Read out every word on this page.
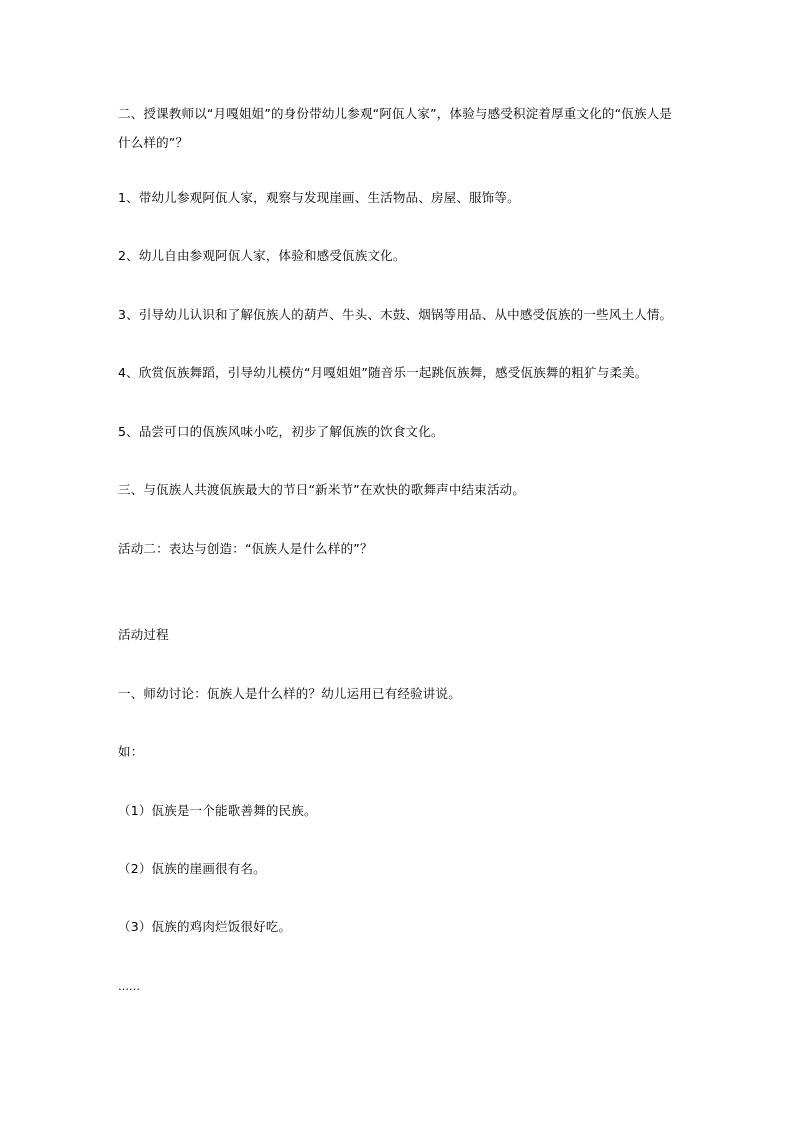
二、授课教师以“月嘎姐姐”的身份带幼儿参观“阿佤人家”，体验与感受积淀着厚重文化的“佤族人是什么样的”？
1、带幼儿参观阿佤人家，观察与发现崖画、生活物品、房屋、服饰等。
2、幼儿自由参观阿佤人家，体验和感受佤族文化。
3、引导幼儿认识和了解佤族人的葫芦、牛头、木鼓、烟锅等用品、从中感受佤族的一些风土人情。
4、欣赏佤族舞蹈，引导幼儿模仿“月嘎姐姐”随音乐一起跳佤族舞，感受佤族舞的粗犷与柔美。
5、品尝可口的佤族风味小吃，初步了解佤族的饮食文化。
三、与佤族人共渡佤族最大的节日“新米节”在欢快的歌舞声中结束活动。
活动二：表达与创造：“佤族人是什么样的”？
活动过程
一、师幼讨论：佤族人是什么样的？幼儿运用已有经验讲说。
如：
（1）佤族是一个能歌善舞的民族。
（2）佤族的崖画很有名。
（3）佤族的鸡肉烂饭很好吃。
……
